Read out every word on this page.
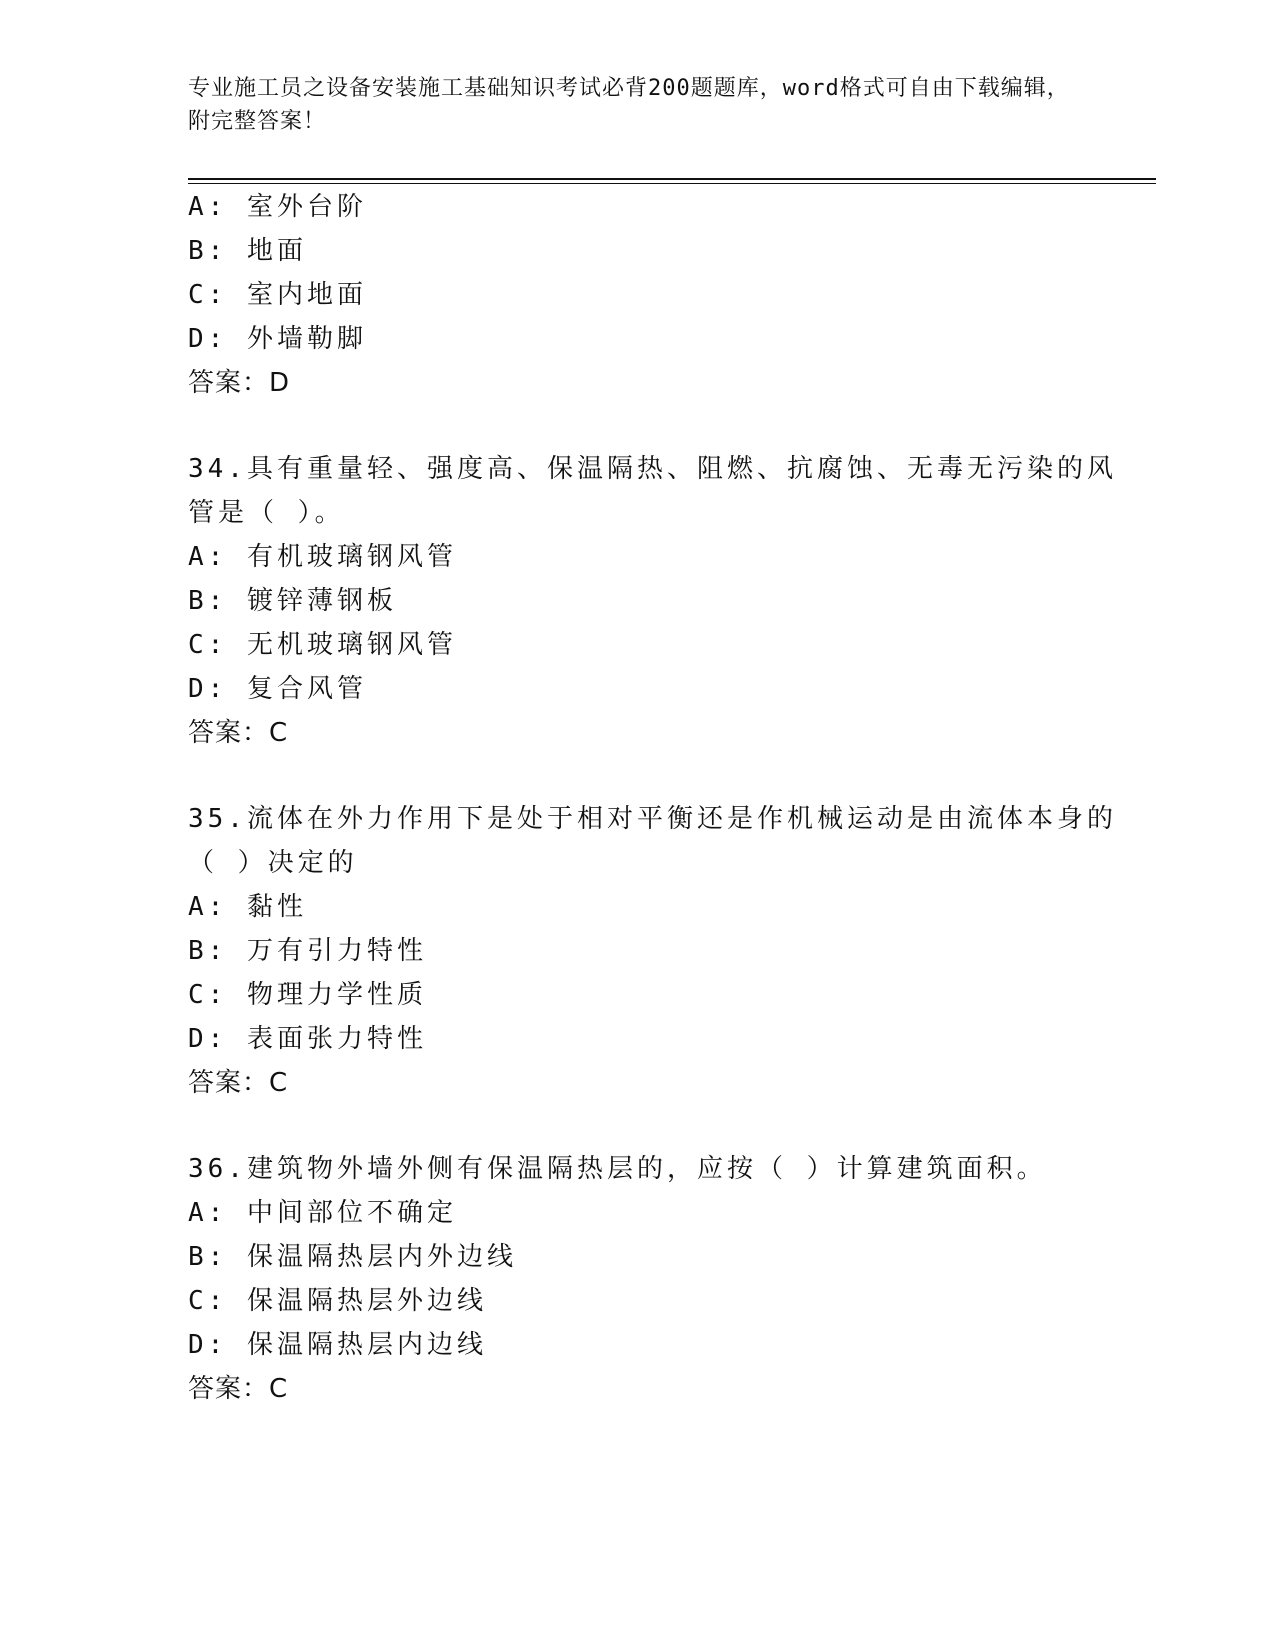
专业施工员之设备安装施工基础知识考试必背200题题库，word格式可自由下载编辑，附完整答案！
A: 室外台阶
B: 地面
C: 室内地面
D: 外墙勒脚
答案：D
34.具有重量轻、强度高、保温隔热、阻燃、抗腐蚀、无毒无污染的风
管是（ ）。
A: 有机玻璃钢风管
B: 镀锌薄钢板
C: 无机玻璃钢风管
D: 复合风管
答案：C
35.流体在外力作用下是处于相对平衡还是作机械运动是由流体本身的
（ ）决定的
A: 黏性
B: 万有引力特性
C: 物理力学性质
D: 表面张力特性
答案：C
36.建筑物外墙外侧有保温隔热层的，应按（ ）计算建筑面积。
A: 中间部位不确定
B: 保温隔热层内外边线
C: 保温隔热层外边线
D: 保温隔热层内边线
答案：C
